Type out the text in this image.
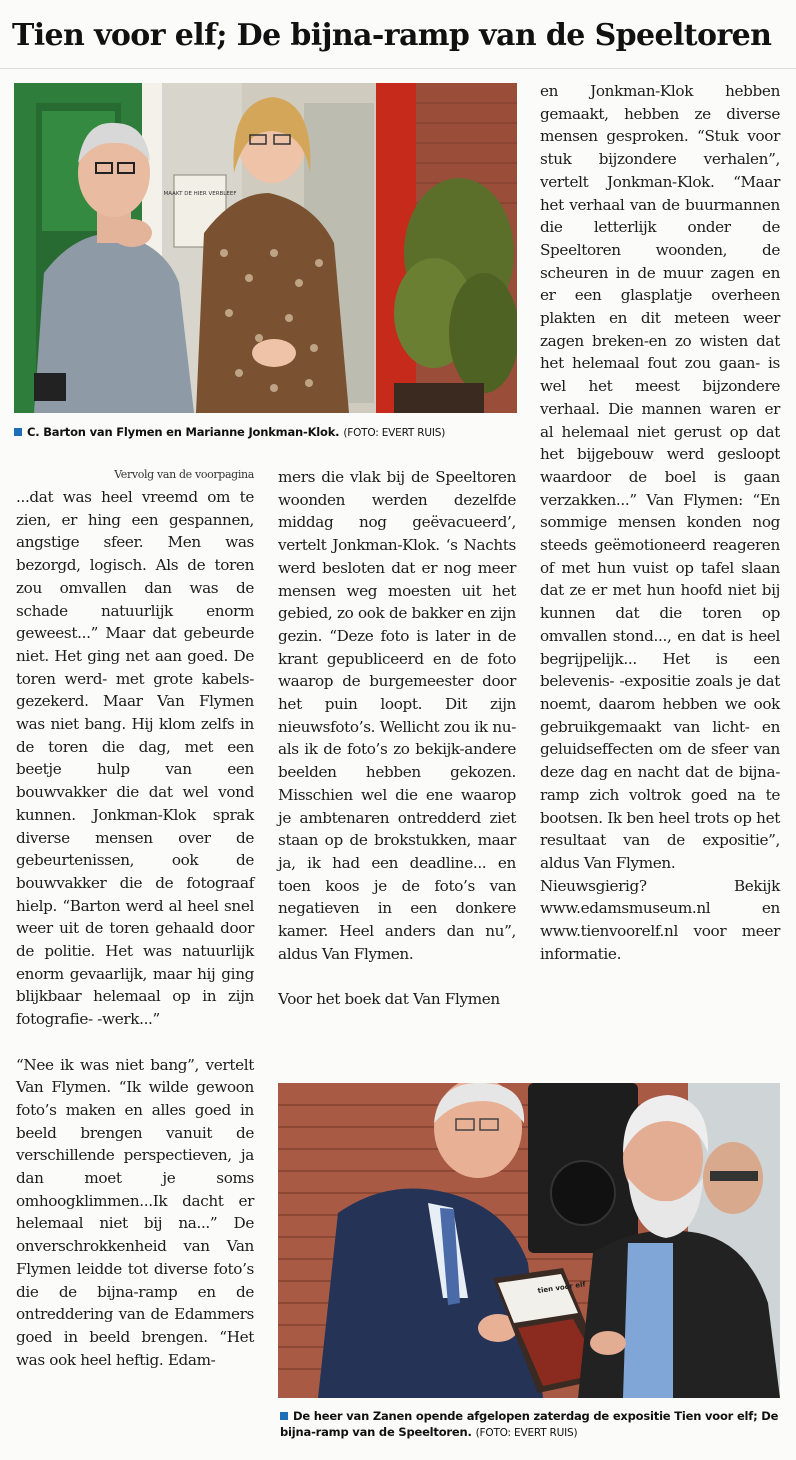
Tien voor elf; De bijna-ramp van de Speeltoren
MAAKT DE HIER VERBLEEF
C. Barton van Flymen en Marianne Jonkman-Klok. (FOTO: EVERT RUIS)
Vervolg van de voorpagina

...dat was heel vreemd om te zien, er hing een gespannen, angstige sfeer. Men was bezorgd, logisch. Als de toren zou omvallen dan was de schade natuurlijk enorm geweest...” Maar dat gebeurde niet. Het ging net aan goed. De toren werd- met grote kabels- gezekerd. Maar Van Flymen was niet bang. Hij klom zelfs in de toren die dag, met een beetje hulp van een bouwvakker die dat wel vond kunnen. Jonkman-Klok sprak diverse mensen over de gebeurtenissen, ook de bouwvakker die de fotograaf hielp. “Barton werd al heel snel weer uit de toren gehaald door de politie. Het was natuurlijk enorm gevaarlijk, maar hij ging blijkbaar helemaal op in zijn fotografie- -werk...”

“Nee ik was niet bang”, vertelt Van Flymen. “Ik wilde gewoon foto’s maken en alles goed in beeld brengen vanuit de verschillende perspectieven, ja dan moet je soms omhoogklimmen...Ik dacht er helemaal niet bij na...” De onverschrokkenheid van Van Flymen leidde tot diverse foto’s die de bijna-ramp en de ontreddering van de Edammers goed in beeld brengen. “Het was ook heel heftig. Edam-

mers die vlak bij de Speeltoren woonden werden dezelfde middag nog geëvacueerd’, vertelt Jonkman-Klok. ‘s Nachts werd besloten dat er nog meer mensen weg moesten uit het gebied, zo ook de bakker en zijn gezin. “Deze foto is later in de krant gepubliceerd en de foto waarop de burgemeester door het puin loopt. Dit zijn nieuwsfoto’s. Wellicht zou ik nu- als ik de foto’s zo bekijk-andere beelden hebben gekozen. Misschien wel die ene waarop je ambtenaren ontredderd ziet staan op de brokstukken, maar ja, ik had een deadline... en toen koos je de foto’s van negatieven in een donkere kamer. Heel anders dan nu”, aldus Van Flymen.

Voor het boek dat Van Flymen

en Jonkman-Klok hebben gemaakt, hebben ze diverse mensen gesproken. “Stuk voor stuk bijzondere verhalen”, vertelt Jonkman-Klok. “Maar het verhaal van de buurmannen die letterlijk onder de Speeltoren woonden, de scheuren in de muur zagen en er een glasplatje overheen plakten en dit meteen weer zagen breken-en zo wisten dat het helemaal fout zou gaan- is wel het meest bijzondere verhaal. Die mannen waren er al helemaal niet gerust op dat het bijgebouw werd gesloopt waardoor de boel is gaan verzakken...” Van Flymen: “En sommige mensen konden nog steeds geëmotioneerd reageren of met hun vuist op tafel slaan dat ze er met hun hoofd niet bij kunnen dat die toren op omvallen stond..., en dat is heel begrijpelijk... Het is een belevenis- -expositie zoals je dat noemt, daarom hebben we ook gebruikgemaakt van licht- en geluidseffecten om de sfeer van deze dag en nacht dat de bijna-ramp zich voltrok goed na te bootsen. Ik ben heel trots op het resultaat van de expositie”, aldus Van Flymen.

Nieuwsgierig? Bekijk www.edamsmuseum.nl en www.tienvoorelf.nl voor meer informatie.

tien voor elf
De heer van Zanen opende afgelopen zaterdag de expositie Tien voor elf; De bijna-ramp van de Speeltoren. (FOTO: EVERT RUIS)
